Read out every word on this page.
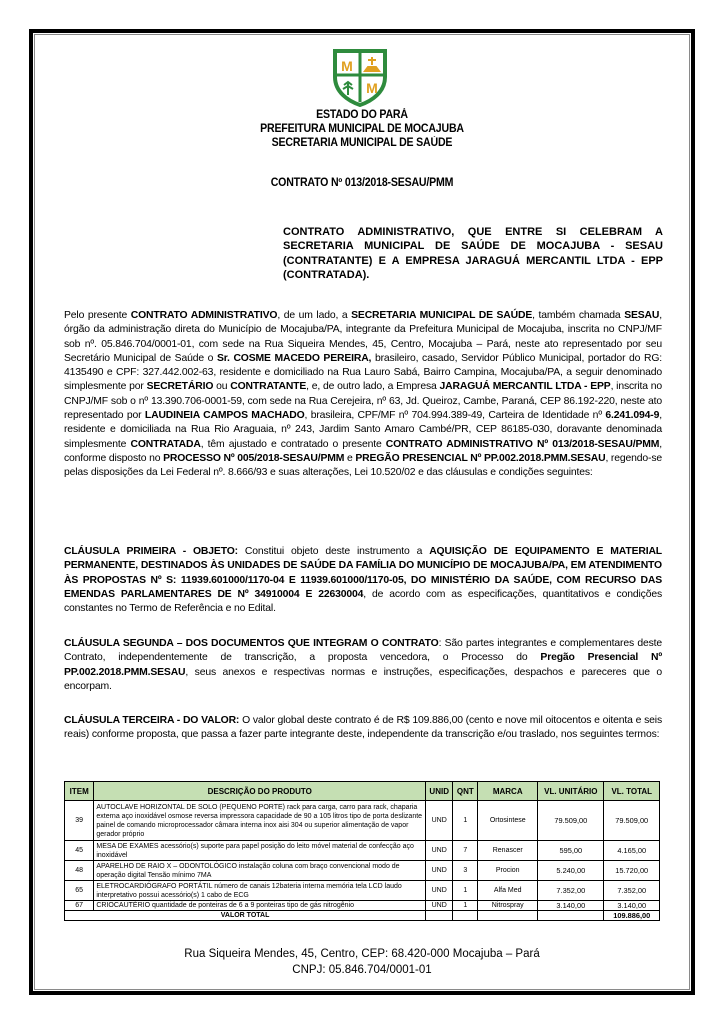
M
M
ESTADO DO PARÁ
PREFEITURA MUNICIPAL DE MOCAJUBA
SECRETARIA MUNICIPAL DE SAÚDE
CONTRATO Nº 013/2018-SESAU/PMM
CONTRATO ADMINISTRATIVO, QUE ENTRE SI CELEBRAM A SECRETARIA MUNICIPAL DE SAÚDE DE MOCAJUBA - SESAU (CONTRATANTE) E A EMPRESA JARAGUÁ MERCANTIL LTDA - EPP (CONTRATADA).
Pelo presente CONTRATO ADMINISTRATIVO, de um lado, a SECRETARIA MUNICIPAL DE SAÚDE, também chamada SESAU, órgão da administração direta do Município de Mocajuba/PA, integrante da Prefeitura Municipal de Mocajuba, inscrita no CNPJ/MF sob nº. 05.846.704/0001-01, com sede na Rua Siqueira Mendes, 45, Centro, Mocajuba – Pará, neste ato representado por seu Secretário Municipal de Saúde o Sr. COSME MACEDO PEREIRA, brasileiro, casado, Servidor Público Municipal, portador do RG: 4135490 e CPF: 327.442.002-63, residente e domiciliado na Rua Lauro Sabá, Bairro Campina, Mocajuba/PA, a seguir denominado simplesmente por SECRETÁRIO ou CONTRATANTE, e, de outro lado, a Empresa JARAGUÁ MERCANTIL LTDA - EPP, inscrita no CNPJ/MF sob o nº 13.390.706-0001-59, com sede na Rua Cerejeira, nº 63, Jd. Queiroz, Cambe, Paraná, CEP 86.192-220, neste ato representado por LAUDINEIA CAMPOS MACHADO, brasileira, CPF/MF nº 704.994.389-49, Carteira de Identidade nº 6.241.094-9, residente e domiciliada na Rua Rio Araguaia, nº 243, Jardim Santo Amaro Cambé/PR, CEP 86185-030, doravante denominada simplesmente CONTRATADA, têm ajustado e contratado o presente CONTRATO ADMINISTRATIVO Nº 013/2018-SESAU/PMM, conforme disposto no PROCESSO Nº 005/2018-SESAU/PMM e PREGÃO PRESENCIAL Nº PP.002.2018.PMM.SESAU, regendo-se pelas disposições da Lei Federal nº. 8.666/93 e suas alterações, Lei 10.520/02 e das cláusulas e condições seguintes:
CLÁUSULA PRIMEIRA - OBJETO: Constitui objeto deste instrumento a AQUISIÇÃO DE EQUIPAMENTO E MATERIAL PERMANENTE, DESTINADOS ÀS UNIDADES DE SAÚDE DA FAMÍLIA DO MUNICÍPIO DE MOCAJUBA/PA, EM ATENDIMENTO ÀS PROPOSTAS Nº S: 11939.601000/1170-04 E 11939.601000/1170-05, DO MINISTÉRIO DA SAÚDE, COM RECURSO DAS EMENDAS PARLAMENTARES DE Nº 34910004 E 22630004, de acordo com as especificações, quantitativos e condições constantes no Termo de Referência e no Edital.
CLÁUSULA SEGUNDA – DOS DOCUMENTOS QUE INTEGRAM O CONTRATO: São partes integrantes e complementares deste Contrato, independentemente de transcrição, a proposta vencedora, o Processo do Pregão Presencial Nº PP.002.2018.PMM.SESAU, seus anexos e respectivas normas e instruções, especificações, despachos e pareceres que o encorpam.
CLÁUSULA TERCEIRA - DO VALOR: O valor global deste contrato é de R$ 109.886,00 (cento e nove mil oitocentos e oitenta e seis reais) conforme proposta, que passa a fazer parte integrante deste, independente da transcrição e/ou traslado, nos seguintes termos:
ITEM	DESCRIÇÃO DO PRODUTO	UNID	QNT	MARCA	VL. UNITÁRIO	VL. TOTAL
39	AUTOCLAVE HORIZONTAL DE SOLO (PEQUENO PORTE) rack para carga, carro para rack, chaparia externa aço inoxidável osmose reversa impressora capacidade de 90 a 105 litros tipo de porta deslizante painel de comando microprocessador câmara interna inox aisi 304 ou superior alimentação de vapor gerador próprio	UND	1	Ortosintese	79.509,00	79.509,00
45	MESA DE EXAMES acessório(s) suporte para papel posição do leito móvel material de confecção aço inoxidável	UND	7	Renascer	595,00	4.165,00
48	APARELHO DE RAIO X – ODONTOLÓGICO instalação coluna com braço convencional modo de operação digital Tensão mínimo 7MA	UND	3	Procion	5.240,00	15.720,00
65	ELETROCARDIÓGRAFO PORTÁTIL número de canais 12bateria interna memória tela LCD laudo interpretativo possui acessório(s) 1 cabo de ECG	UND	1	Alfa Med	7.352,00	7.352,00
67	CRIOCAUTÉRIO quantidade de ponteiras de 6 a 9 ponteiras tipo de gás nitrogênio	UND	1	Nitrospray	3.140,00	3.140,00
VALOR TOTAL						109.886,00
Rua Siqueira Mendes, 45, Centro, CEP: 68.420-000 Mocajuba – Pará
CNPJ: 05.846.704/0001-01
